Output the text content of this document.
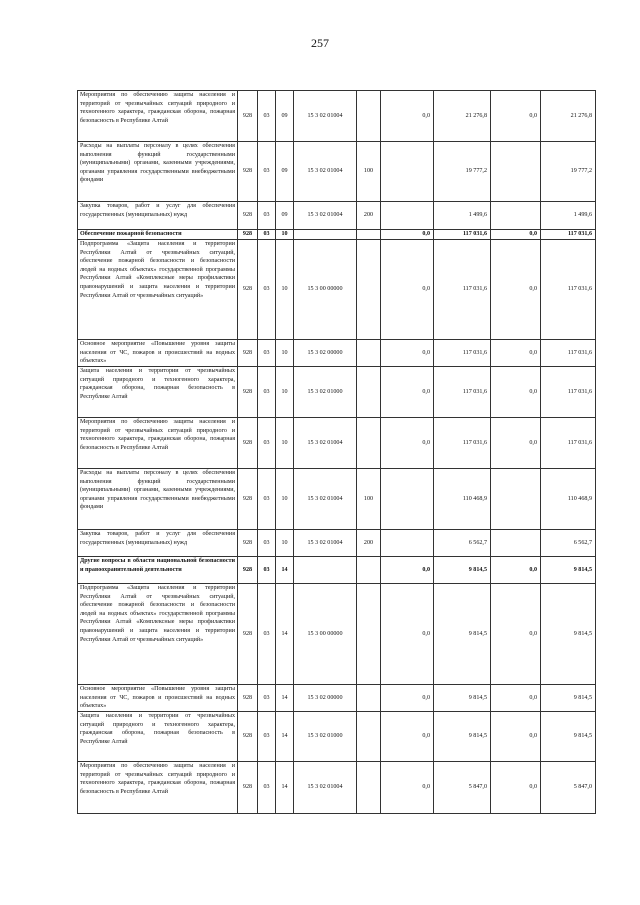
257
Мероприятия по обеспечению защиты населения и территорий от чрезвычайных ситуаций природного и техногенного характера, гражданская оборона, пожарная безопасность в Республике Алтай	928	03	09	15 3 02 01004		0,0	21 276,8	0,0	21 276,8
Расходы на выплаты персоналу в целях обеспечения выполнения функций государственными (муниципальными) органами, казенными учреждениями, органами управления государственными внебюджетными фондами	928	03	09	15 3 02 01004	100		19 777,2		19 777,2
Закупка товаров, работ и услуг для обеспечения государственных (муниципальных) нужд	928	03	09	15 3 02 01004	200		1 499,6		1 499,6
Обеспечение пожарной безопасности	928	03	10			0,0	117 031,6	0,0	117 031,6
Подпрограмма «Защита населения и территории Республики Алтай от чрезвычайных ситуаций, обеспечение пожарной безопасности и безопасности людей на водных объектах» государственной программы Республики Алтай «Комплексные меры профилактики правонарушений и защита населения и территории Республики Алтай от чрезвычайных ситуаций»	928	03	10	15 3 00 00000		0,0	117 031,6	0,0	117 031,6
Основное мероприятие «Повышение уровня защиты населения от ЧС, пожаров и происшествий на водных объектах»	928	03	10	15 3 02 00000		0,0	117 031,6	0,0	117 031,6
Защита населения и территории от чрезвычайных ситуаций природного и техногенного характера, гражданская оборона, пожарная безопасность в Республике Алтай	928	03	10	15 3 02 01000		0,0	117 031,6	0,0	117 031,6
Мероприятия по обеспечению защиты населения и территорий от чрезвычайных ситуаций природного и техногенного характера, гражданская оборона, пожарная безопасность в Республике Алтай	928	03	10	15 3 02 01004		0,0	117 031,6	0,0	117 031,6
Расходы на выплаты персоналу в целях обеспечения выполнения функций государственными (муниципальными) органами, казенными учреждениями, органами управления государственными внебюджетными фондами	928	03	10	15 3 02 01004	100		110 468,9		110 468,9
Закупка товаров, работ и услуг для обеспечения государственных (муниципальных) нужд	928	03	10	15 3 02 01004	200		6 562,7		6 562,7
Другие вопросы в области национальной безопасности и правоохранительной деятельности	928	03	14			0,0	9 814,5	0,0	9 814,5
Подпрограмма «Защита населения и территории Республики Алтай от чрезвычайных ситуаций, обеспечение пожарной безопасности и безопасности людей на водных объектах» государственной программы Республики Алтай «Комплексные меры профилактики правонарушений и защита населения и территории Республики Алтай от чрезвычайных ситуаций»	928	03	14	15 3 00 00000		0,0	9 814,5	0,0	9 814,5
Основное мероприятие «Повышение уровня защиты населения от ЧС, пожаров и происшествий на водных объектах»	928	03	14	15 3 02 00000		0,0	9 814,5	0,0	9 814,5
Защита населения и территории от чрезвычайных ситуаций природного и техногенного характера, гражданская оборона, пожарная безопасность в Республике Алтай	928	03	14	15 3 02 01000		0,0	9 814,5	0,0	9 814,5
Мероприятия по обеспечению защиты населения и территорий от чрезвычайных ситуаций природного и техногенного характера, гражданская оборона, пожарная безопасность в Республике Алтай	928	03	14	15 3 02 01004		0,0	5 847,0	0,0	5 847,0
